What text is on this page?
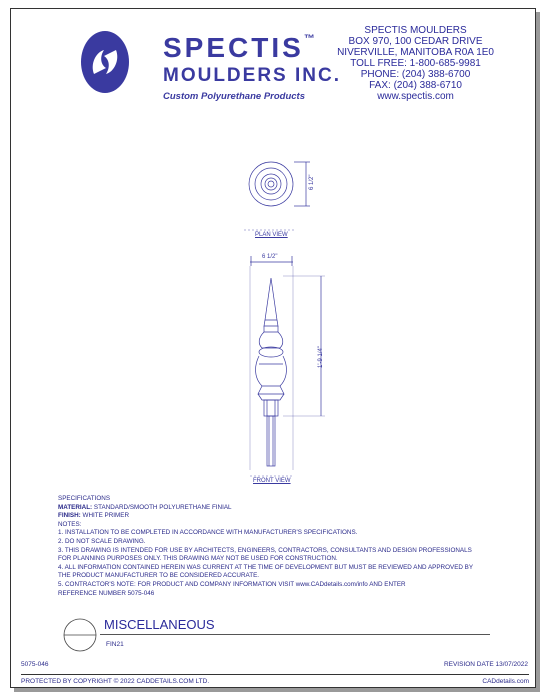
SPECTIS™
MOULDERS INC.
Custom Polyurethane Products
SPECTIS MOULDERS
BOX 970, 100 CEDAR DRIVE
NIVERVILLE, MANITOBA R0A 1E0
TOLL FREE: 1-800-685-9981
PHONE: (204) 388-6700
FAX: (204) 388-6710
www.spectis.com
6 1/2"
PLAN VIEW
6 1/2"
1'-9 1/4"
FRONT VIEW
SPECIFICATIONS
MATERIAL: STANDARD/SMOOTH POLYURETHANE FINIAL
FINISH: WHITE PRIMER
NOTES:
1. INSTALLATION TO BE COMPLETED IN ACCORDANCE WITH MANUFACTURER'S SPECIFICATIONS.
2. DO NOT SCALE DRAWING.
3. THIS DRAWING IS INTENDED FOR USE BY ARCHITECTS, ENGINEERS, CONTRACTORS, CONSULTANTS AND DESIGN PROFESSIONALS
FOR PLANNING PURPOSES ONLY. THIS DRAWING MAY NOT BE USED FOR CONSTRUCTION.
4. ALL INFORMATION CONTAINED HEREIN WAS CURRENT AT THE TIME OF DEVELOPMENT BUT MUST BE REVIEWED AND APPROVED BY
THE PRODUCT MANUFACTURER TO BE CONSIDERED ACCURATE.
5. CONTRACTOR'S NOTE: FOR PRODUCT AND COMPANY INFORMATION VISIT www.CADdetails.com/info AND ENTER
REFERENCE NUMBER 5075-046
MISCELLANEOUS
FIN21
5075-046	REVISION DATE 13/07/2022
PROTECTED BY COPYRIGHT © 2022 CADDETAILS.COM LTD.	CADdetails.com
